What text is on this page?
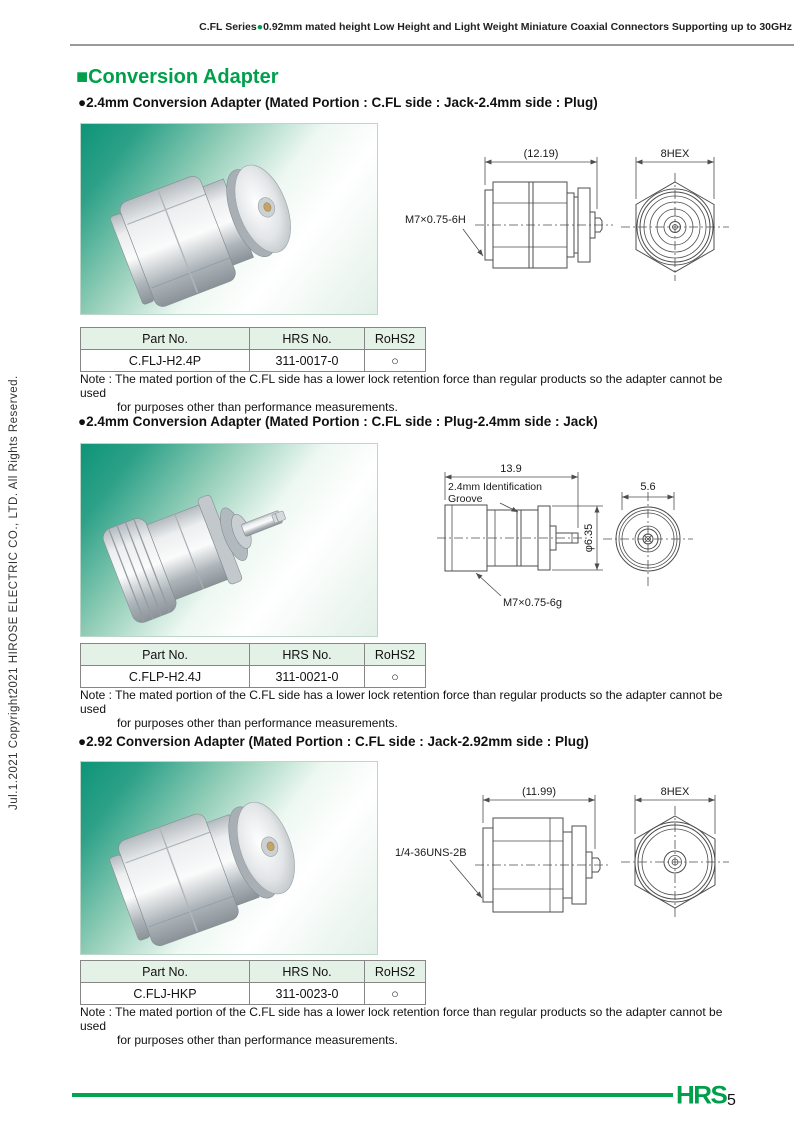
C.FL Series●0.92mm mated height Low Height and Light Weight Miniature Coaxial Connectors Supporting up to 30GHz
Jul.1.2021 Copyright2021 HIROSE ELECTRIC CO., LTD. All Rights Reserved.
■Conversion Adapter
●2.4mm Conversion Adapter (Mated Portion : C.FL side : Jack-2.4mm side : Plug)
(12.19)	8HEX
M7×0.75-6H
Part No.	HRS No.	RoHS2
C.FLJ-H2.4P	311-0017-0	○
Note : The mated portion of the C.FL side has a lower lock retention force than regular products so the adapter cannot be used
for purposes other than performance measurements.
●2.4mm Conversion Adapter (Mated Portion : C.FL side : Plug-2.4mm side : Jack)
13.9
2.4mm Identification
Groove
φ6.35
M7×0.75-6g
5.6
Part No.	HRS No.	RoHS2
C.FLP-H2.4J	311-0021-0	○
Note : The mated portion of the C.FL side has a lower lock retention force than regular products so the adapter cannot be used
for purposes other than performance measurements.
●2.92 Conversion Adapter (Mated Portion : C.FL side : Jack-2.92mm side : Plug)
(11.99)	8HEX
1/4-36UNS-2B
Part No.	HRS No.	RoHS2
C.FLJ-HKP	311-0023-0	○
Note : The mated portion of the C.FL side has a lower lock retention force than regular products so the adapter cannot be used
for purposes other than performance measurements.
HRS 5
